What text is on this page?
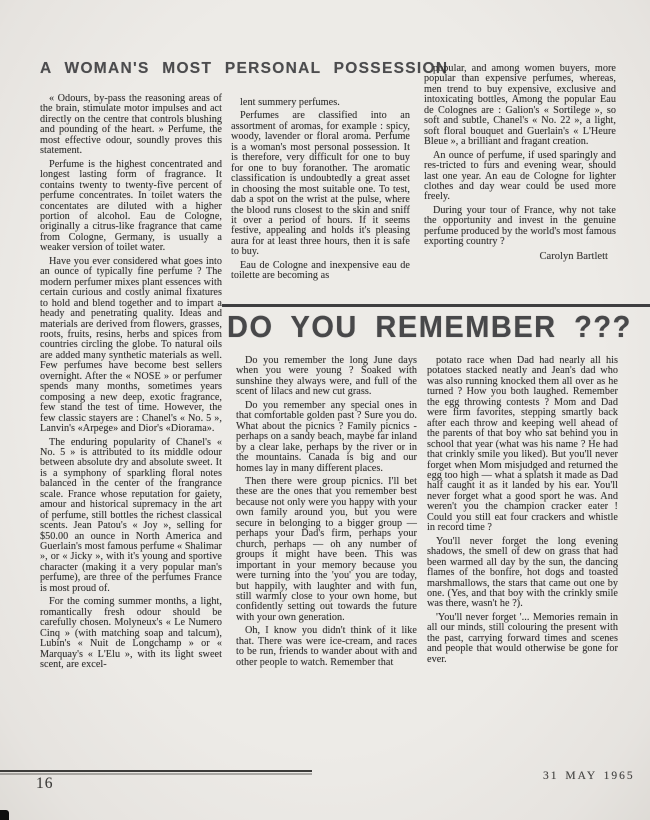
A WOMAN'S MOST PERSONAL POSSESSION

« Odours, by-pass the reasoning areas of the brain, stimulate motor impulses and act directly on the centre that controls blushing and pounding of the heart. » Perfume, the most effective odour, soundly proves this statement.

Perfume is the highest concentrated and longest lasting form of fragrance. It contains twenty to twenty-five percent of perfume concentrates. In toilet waters the concentates are diluted with a higher portion of alcohol. Eau de Cologne, originally a citrus-like fragrance that came from Cologne, Germany, is usually a weaker version of toilet water.

Have you ever considered what goes into an ounce of typically fine perfume ? The modern perfumer mixes plant essences with certain curious and costly animal fixatures to hold and blend together and to impart a heady and penetrating quality. Ideas and materials are derived from flowers, grasses, roots, fruits, resins, herbs and spices from countries circling the globe. To natural oils are added many synthetic materials as well. Few perfumes have become best sellers overnight. After the « NOSE » or perfumer spends many months, sometimes years composing a new deep, exotic fragrance, few stand the test of time. However, the few classic stayers are : Chanel's « No. 5 », Lanvin's «Arpege» and Dior's «Diorama».

The enduring popularity of Chanel's « No. 5 » is attributed to its middle odour between absolute dry and absolute sweet. It is a symphony of sparkling floral notes balanced in the center of the frangrance scale. France whose reputation for gaiety, amour and historical supremacy in the art of perfume, still bottles the richest classical scents. Jean Patou's « Joy », selling for $50.00 an ounce in North America and Guerlain's most famous perfume « Shalimar », or « Jicky », with it's young and sportive character (making it a very popular man's perfume), are three of the perfumes France is most proud of.

For the coming summer months, a light, romantically fresh odour should be carefully chosen. Molyneux's « Le Numero Cinq » (with matching soap and talcum), Lubin's « Nuit de Longchamp » or « Marquay's « L'Elu », with its light sweet scent, are excel-

lent summery perfumes.

Perfumes are classified into an assortment of aromas, for example : spicy, woody, lavender or floral aroma. Perfume is a woman's most personal possession. It is therefore, very difficult for one to buy for one to buy foranother. The aromatic classification is undoubtedly a great asset in choosing the most suitable one. To test, dab a spot on the wrist at the pulse, where the blood runs closest to the skin and sniff it over a period of hours. If it seems festive, appealing and holds it's pleasing aura for at least three hours, then it is safe to buy.

Eau de Cologne and inexpensive eau de toilette are becoming as

popular, and among women buyers, more popular than expensive perfumes, whereas, men trend to buy expensive, exclusive and intoxicating bottles, Among the popular Eau de Colognes are : Galion's « Sortilege », so soft and subtle, Chanel's « No. 22 », a light, soft floral bouquet and Guerlain's « L'Heure Bleue », a brilliant and fragant creation.

An ounce of perfume, if used sparingly and res-tricted to furs and evening wear, should last one year. An eau de Cologne for lighter clothes and day wear could be used more freely.

During your tour of France, why not take the opportunity and invest in the genuine perfume produced by the world's most famous exporting country ?

Carolyn Bartlett
DO YOU REMEMBER ???

Do you remember the long June days when you were young ? Soaked with sunshine they always were, and full of the scent of lilacs and new cut grass.

Do you remember any special ones in that comfortable golden past ? Sure you do. What about the picnics ? Family picnics - perhaps on a sandy beach, maybe far inland by a clear lake, perhaps by the river or in the mountains. Canada is big and our homes lay in many different places.

Then there were group picnics. I'll bet these are the ones that you remember best because not only were you happy with your own family around you, but you were secure in belonging to a bigger group — perhaps your Dad's firm, perhaps your church, perhaps — oh any number of groups it might have been. This was important in your memory because you were turning into the 'you' you are today, but happily, with laughter and with fun, still warmly close to your own home, but confidently setting out towards the future with your own generation.

Oh, I know you didn't think of it like that. There was were ice-cream, and races to be run, friends to wander about with and other people to watch. Remember that

potato race when Dad had nearly all his potatoes stacked neatly and Jean's dad who was also running knocked them all over as he turned ? How you both laughed. Remember the egg throwing contests ? Mom and Dad were firm favorites, stepping smartly back after each throw and keeping well ahead of the parents of that boy who sat behind you in school that year (what was his name ? He had that crinkly smile you liked). But you'll never forget when Mom misjudged and returned the egg too high — what a splatsh it made as Dad half caught it as it landed by his ear. You'll never forget what a good sport he was. And weren't you the champion cracker eater ! Could you still eat four crackers and whistle in record time ?

You'll never forget the long evening shadows, the smell of dew on grass that had been warmed all day by the sun, the dancing flames of the bonfire, hot dogs and toasted marshmallows, the stars that came out one by one. (Yes, and that boy with the crinkly smile was there, wasn't he ?).

'You'll never forget '... Memories remain in all our minds, still colouring the present with the past, carrying forward times and scenes and people that would otherwise be gone for ever.

16	31 MAY 1965
